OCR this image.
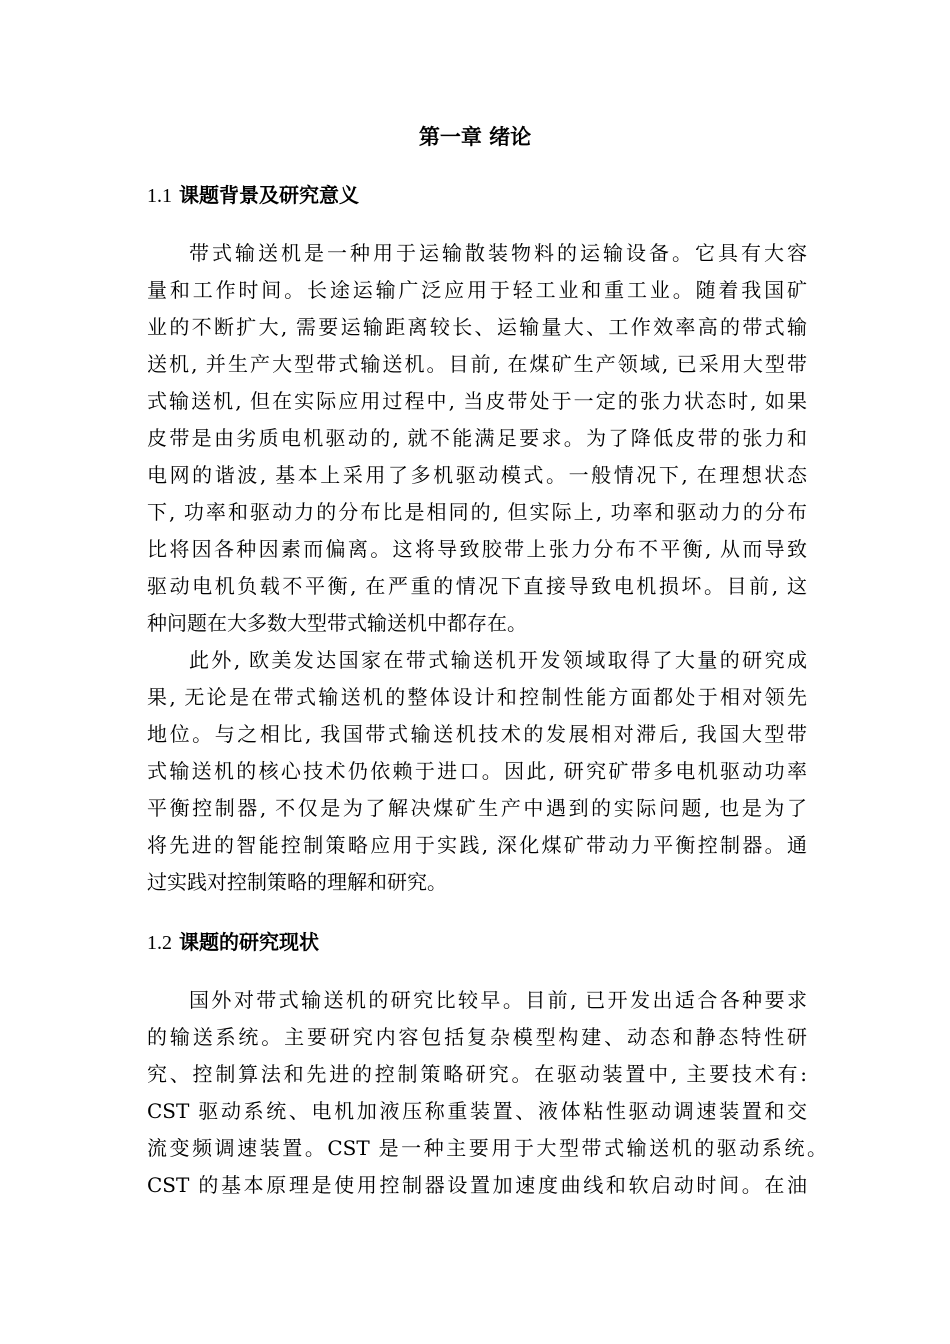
第一章 绪论
1.1 课题背景及研究意义
带式输送机是一种用于运输散装物料的运输设备。它具有大容
量和工作时间。长途运输广泛应用于轻工业和重工业。随着我国矿
业的不断扩大, 需要运输距离较长、运输量大、工作效率高的带式输
送机, 并生产大型带式输送机。目前, 在煤矿生产领域, 已采用大型带
式输送机, 但在实际应用过程中, 当皮带处于一定的张力状态时, 如果
皮带是由劣质电机驱动的, 就不能满足要求。为了降低皮带的张力和
电网的谐波, 基本上采用了多机驱动模式。一般情况下, 在理想状态
下, 功率和驱动力的分布比是相同的, 但实际上, 功率和驱动力的分布
比将因各种因素而偏离。这将导致胶带上张力分布不平衡, 从而导致
驱动电机负载不平衡, 在严重的情况下直接导致电机损坏。目前, 这
种问题在大多数大型带式输送机中都存在。
此外, 欧美发达国家在带式输送机开发领域取得了大量的研究成
果, 无论是在带式输送机的整体设计和控制性能方面都处于相对领先
地位。与之相比, 我国带式输送机技术的发展相对滞后, 我国大型带
式输送机的核心技术仍依赖于进口。因此, 研究矿带多电机驱动功率
平衡控制器, 不仅是为了解决煤矿生产中遇到的实际问题, 也是为了
将先进的智能控制策略应用于实践, 深化煤矿带动力平衡控制器。通
过实践对控制策略的理解和研究。
1.2 课题的研究现状
国外对带式输送机的研究比较早。目前, 已开发出适合各种要求
的输送系统。主要研究内容包括复杂模型构建、动态和静态特性研
究、控制算法和先进的控制策略研究。在驱动装置中, 主要技术有:
CST 驱动系统、电机加液压称重装置、液体粘性驱动调速装置和交
流变频调速装置。CST 是一种主要用于大型带式输送机的驱动系统。
CST 的基本原理是使用控制器设置加速度曲线和软启动时间。在油
